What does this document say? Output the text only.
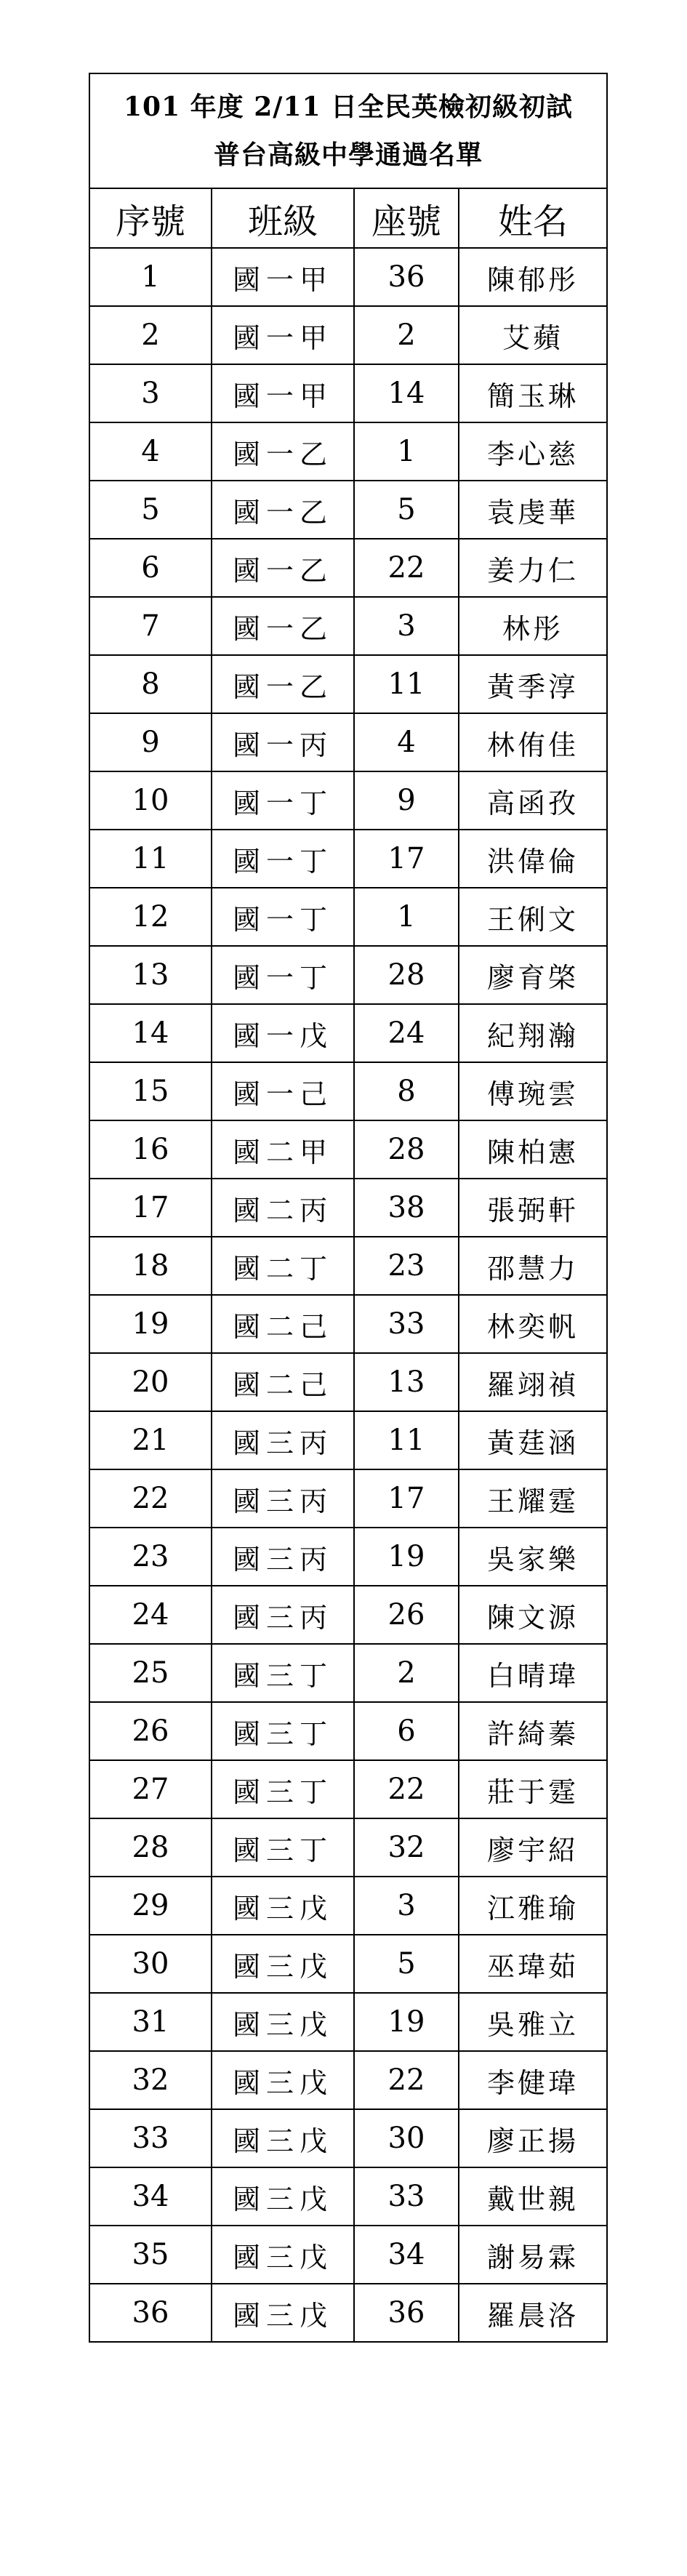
101 年度 2/11 日全民英檢初級初試
普台高級中學通過名單			

序號	班級	座號	姓名
1	國一甲	36	陳郁彤
2	國一甲	2	艾蘋
3	國一甲	14	簡玉琳
4	國一乙	1	李心慈
5	國一乙	5	袁虔華
6	國一乙	22	姜力仁
7	國一乙	3	林彤
8	國一乙	11	黃季淳
9	國一丙	4	林侑佳
10	國一丁	9	高函孜
11	國一丁	17	洪偉倫
12	國一丁	1	王俐文
13	國一丁	28	廖育棨
14	國一戊	24	紀翔瀚
15	國一己	8	傅琬雲
16	國二甲	28	陳柏憲
17	國二丙	38	張弼軒
18	國二丁	23	邵慧力
19	國二己	33	林奕帆
20	國二己	13	羅翊禎
21	國三丙	11	黃莛涵
22	國三丙	17	王耀霆
23	國三丙	19	吳家樂
24	國三丙	26	陳文源
25	國三丁	2	白晴瑋
26	國三丁	6	許綺蓁
27	國三丁	22	莊于霆
28	國三丁	32	廖宇紹
29	國三戊	3	江雅瑜
30	國三戊	5	巫瑋茹
31	國三戊	19	吳雅立
32	國三戊	22	李健瑋
33	國三戊	30	廖正揚
34	國三戊	33	戴世親
35	國三戊	34	謝易霖
36	國三戊	36	羅晨洛
